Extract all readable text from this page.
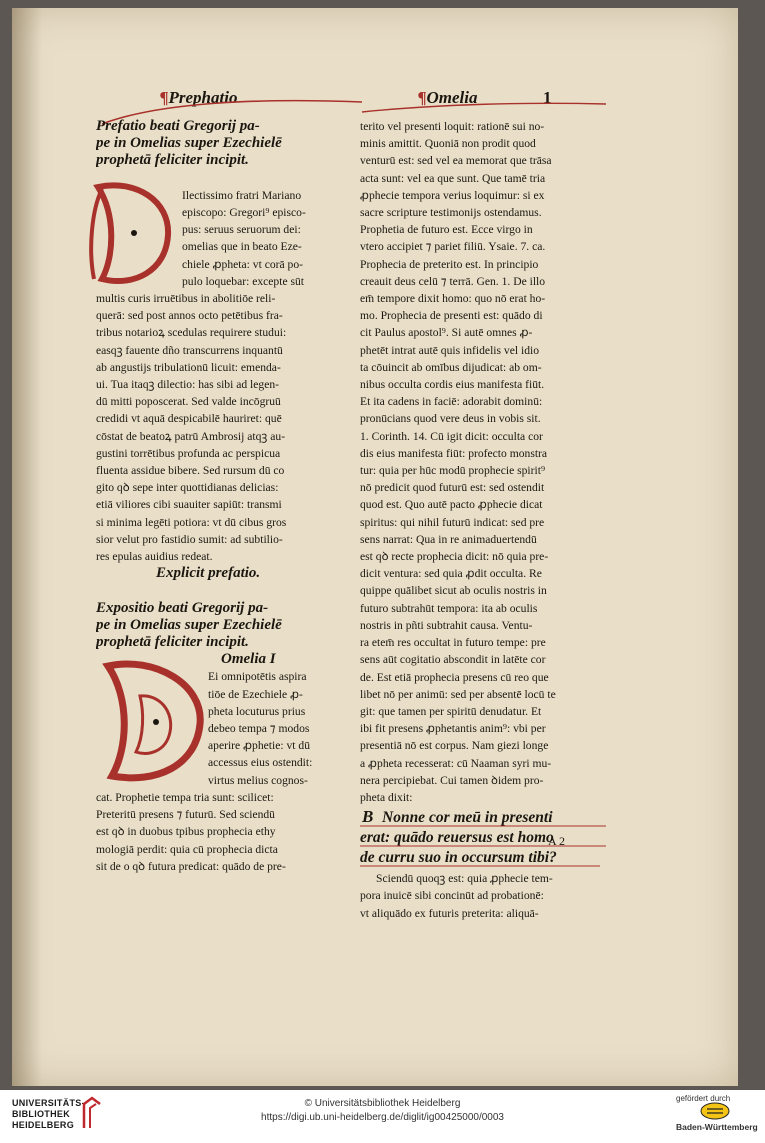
¶Prephatio	¶Omelia	1
Prefatio beati Gregorij pa-
pe in Omelias super Ezechielē
prophetā feliciter incipit.
Ilectissimo fratri Mariano
episcopo: Gregori⁹ episco-
pus: seruus seruorum dei:
omelias que in beato Eze-
chiele ꝓpheta: vt corā po-
pulo loquebar: excepte sūt
multis curis irruētibus in abolitiōe reli-
querā: sed post annos octo petētibus fra-
tribus notarioꝝ scedulas requirere studui:
easqꝫ fauente dño transcurrens inquantū
ab angustijs tribulationū licuit: emenda-
ui. Tua itaqꝫ dilectio: has sibi ad legen-
dū mitti poposcerat. Sed valde incōgruū
credidi vt aquā despicabilē hauriret: quē
cōstat de beatoꝝ patrū Ambrosij atqꝫ au-
gustini torrētibus profunda ac perspicua
fluenta assidue bibere. Sed rursum dū co
gito qꝺ sepe inter quottidianas delicias:
etiā viliores cibi suauiter sapiūt: transmi
si minima legēti potiora: vt dū cibus gros
sior velut pro fastidio sumit: ad subtilio-
res epulas auidius redeat.
Explicit prefatio.
Expositio beati Gregorij pa-
pe in Omelias super Ezechielē
prophetā feliciter incipit.
Omelia I
Ei omnipotētis aspira
tiōe de Ezechiele ꝓ-
pheta locuturus prius
debeo tempa ⁊ modos
aperire ꝓphetie: vt dū
accessus eius ostendit:
virtus melius cognos-
cat. Prophetie tempa tria sunt: scilicet:
Preteritū presens ⁊ futurū. Sed sciendū
est qꝺ in duobus tpibus prophecia ethy
mologiā perdit: quia cū prophecia dicta
sit de o qꝺ futura predicat: quādo de pre-
terito vel presenti loquit: rationē sui no-
minis amittit. Quoniā non prodit quod
venturū est: sed vel ea memorat que trāsa
acta sunt: vel ea que sunt. Que tamē tria
ꝓphecie tempora verius loquimur: si ex
sacre scripture testimonijs ostendamus.
Prophetia de futuro est. Ecce virgo in
vtero accipiet ⁊ pariet filiū. Ysaie. 7. ca.
Prophecia de preterito est. In principio
creauit deus celū ⁊ terrā. Gen. 1. De illo
em̄ tempore dixit homo: quo nō erat ho-
mo. Prophecia de presenti est: quādo di
cit Paulus apostol⁹. Si autē omnes ꝓ-
phetēt intrat autē quis infidelis vel idio
ta cōuincit ab omībus dijudicat: ab om-
nibus occulta cordis eius manifesta fiūt.
Et ita cadens in faciē: adorabit dominū:
pronūcians quod vere deus in vobis sit.
1. Corinth. 14. Cū igit dicit: occulta cor
dis eius manifesta fiūt: profecto monstra
tur: quia per hūc modū prophecie spirit⁹
nō predicit quod futurū est: sed ostendit
quod est. Quo autē pacto ꝓphecie dicat
spiritus: qui nihil futurū indicat: sed pre
sens narrat: Qua in re animaduertendū
est qꝺ recte prophecia dicit: nō quia pre-
dicit ventura: sed quia ꝓdit occulta. Re
quippe quālibet sicut ab oculis nostris in
futuro subtrahūt tempora: ita ab oculis
nostris in pñti subtrahit causa. Ventu-
ra etem̄ res occultat in futuro tempe: pre
sens aūt cogitatio abscondit in latēte cor
de. Est etiā prophecia presens cū reo que
libet nō per animū: sed per absentē locū te
git: que tamen per spiritū denudatur. Et
ibi fit presens ꝓphetantis anim⁹: vbi per
presentiā nō est corpus. Nam giezi longe
a ꝓpheta recesserat: cū Naaman syri mu-
nera percipiebat. Cui tamen ꝺidem pro-
pheta dixit:
B Nonne cor meū in presenti
erat: quādo reuersus est homo
de curru suo in occursum tibi?
Sciendū quoqꝫ est: quia ꝓphecie tem-
pora inuicē sibi concinūt ad probationē:
vt aliquādo ex futuris preterita: aliquā-
A 2
UNIVERSITÄTS-
BIBLIOTHEK
HEIDELBERG
© Universitätsbibliothek Heidelberg
https://digi.ub.uni-heidelberg.de/diglit/ig00425000/0003
gefördert durch
Baden-Württemberg
